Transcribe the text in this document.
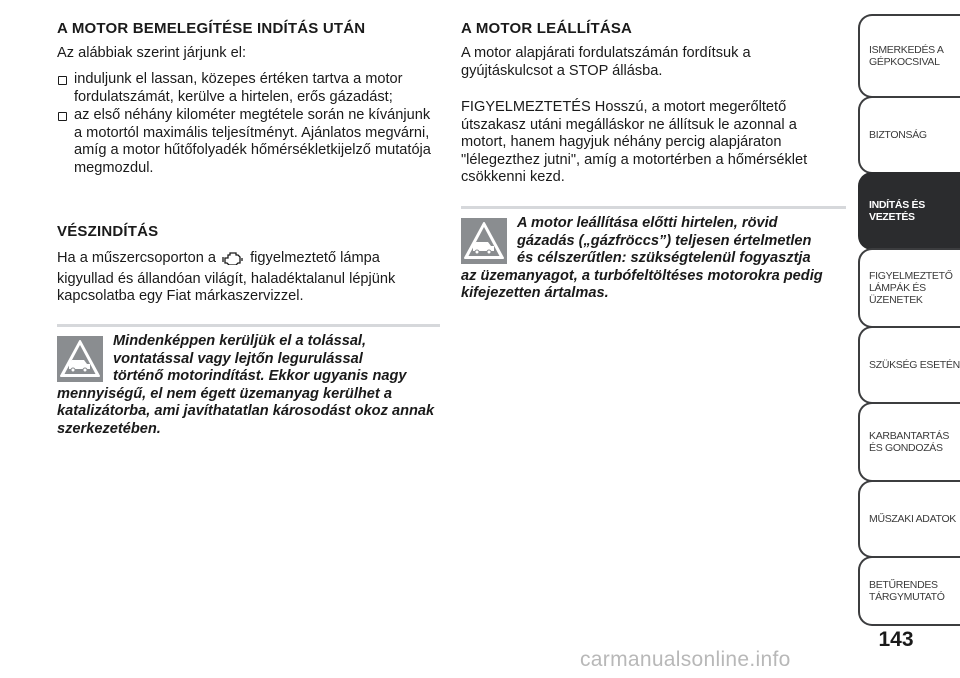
A MOTOR BEMELEGÍTÉSE INDÍTÁS UTÁN

Az alábbiak szerint járjunk el:

induljunk el lassan, közepes értéken tartva a motor fordulatszámát, kerülve a hirtelen, erős gázadást;
az első néhány kilométer megtétele során ne kívánjunk a motortól maximális teljesítményt. Ajánlatos megvárni, amíg a motor hűtőfolyadék hőmérsékletkijelző mutatója megmozdul.
VÉSZINDÍTÁS

Ha a műszercsoporton a figyelmeztető lámpa kigyullad és állandóan világít, haladéktalanul lépjünk kapcsolatba egy Fiat márkaszervizzel.

Mindenképpen kerüljük el a tolással,
vontatással vagy lejtőn legurulással
történő motorindítást. Ekkor ugyanis nagy
mennyiségű, el nem égett üzemanyag kerülhet a katalizátorba, ami javíthatatlan károsodást okoz annak szerkezetében.

A MOTOR LEÁLLÍTÁSA

A motor alapjárati fordulatszámán fordítsuk a gyújtáskulcsot a STOP állásba.

FIGYELMEZTETÉS Hosszú, a motort megerőltető útszakasz utáni megálláskor ne állítsuk le azonnal a motort, hanem hagyjuk néhány percig alapjáraton "lélegezthez jutni", amíg a motortérben a hőmérséklet csökkenni kezd.

A motor leállítása előtti hirtelen, rövid
gázadás („gázfröccs”) teljesen értelmetlen
és célszerűtlen: szükségtelenül fogyasztja
az üzemanyagot, a turbófeltöltéses motorokra pedig kifejezetten ártalmas.

ISMERKEDÉS A GÉPKOCSIVAL
BIZTONSÁG
INDÍTÁS ÉS VEZETÉS
FIGYELMEZTETŐ LÁMPÁK ÉS ÜZENETEK
SZÜKSÉG ESETÉN
KARBANTARTÁS ÉS GONDOZÁS
MŰSZAKI ADATOK
BETŰRENDES TÁRGYMUTATÓ
143
carmanualsonline.info
